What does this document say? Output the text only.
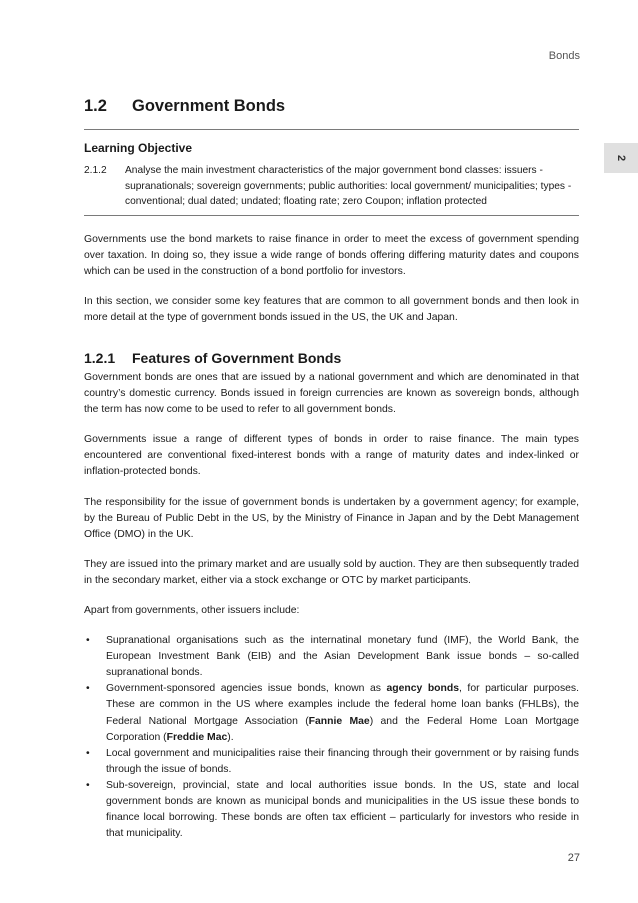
Bonds
2
1.2 Government Bonds
Learning Objective
2.1.2	Analyse the main investment characteristics of the major government bond classes: issuers - supranationals; sovereign governments; public authorities: local government/ municipalities; types - conventional; dual dated; undated; floating rate; zero Coupon; inflation protected

Governments use the bond markets to raise finance in order to meet the excess of government spending over taxation. In doing so, they issue a wide range of bonds offering differing maturity dates and coupons which can be used in the construction of a bond portfolio for investors.

In this section, we consider some key features that are common to all government bonds and then look in more detail at the type of government bonds issued in the US, the UK and Japan.

1.2.1 Features of Government Bonds

Government bonds are ones that are issued by a national government and which are denominated in that country’s domestic currency. Bonds issued in foreign currencies are known as sovereign bonds, although the term has now come to be used to refer to all government bonds.

Governments issue a range of different types of bonds in order to raise finance. The main types encountered are conventional fixed-interest bonds with a range of maturity dates and index-linked or inflation-protected bonds.

The responsibility for the issue of government bonds is undertaken by a government agency; for example, by the Bureau of Public Debt in the US, by the Ministry of Finance in Japan and by the Debt Management Office (DMO) in the UK.

They are issued into the primary market and are usually sold by auction. They are then subsequently traded in the secondary market, either via a stock exchange or OTC by market participants.

Apart from governments, other issuers include:

• Supranational organisations such as the internatinal monetary fund (IMF), the World Bank, the European Investment Bank (EIB) and the Asian Development Bank issue bonds – so-called supranational bonds.
• Government-sponsored agencies issue bonds, known as agency bonds, for particular purposes. These are common in the US where examples include the federal home loan banks (FHLBs), the Federal National Mortgage Association (Fannie Mae) and the Federal Home Loan Mortgage Corporation (Freddie Mac).
• Local government and municipalities raise their financing through their government or by raising funds through the issue of bonds.
• Sub-sovereign, provincial, state and local authorities issue bonds. In the US, state and local government bonds are known as municipal bonds and municipalities in the US issue these bonds to finance local borrowing. These bonds are often tax efficient – particularly for investors who reside in that municipality.
27
